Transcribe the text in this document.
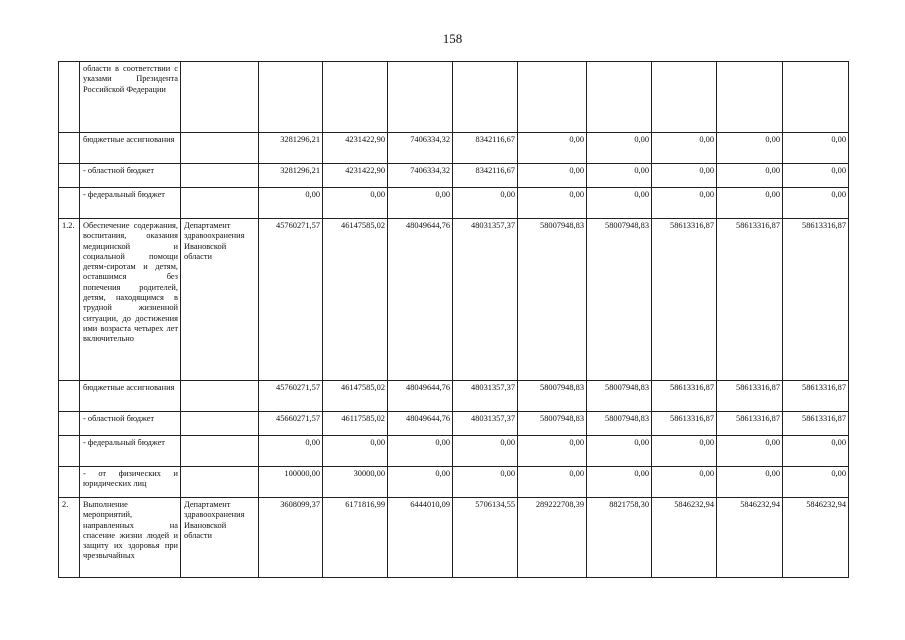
158
	области в соответствии с указами Президента Российской Федерации										
	бюджетные ассигнования		3281296,21	4231422,90	7406334,32	8342116,67	0,00	0,00	0,00	0,00	0,00
	- областной бюджет		3281296,21	4231422,90	7406334,32	8342116,67	0,00	0,00	0,00	0,00	0,00
	- федеральный бюджет		0,00	0,00	0,00	0,00	0,00	0,00	0,00	0,00	0,00
1.2.	Обеспечение содержания, воспитания, оказания медицинской и социальной помощи детям-сиротам и детям, оставшимся без попечения родителей, детям, находящимся в трудной жизненной ситуации, до достижения ими возраста четырех лет включительно	Департамент здравоохранения Ивановской области	45760271,57	46147585,02	48049644,76	48031357,37	58007948,83	58007948,83	58613316,87	58613316,87	58613316,87
	бюджетные ассигнования		45760271,57	46147585,02	48049644,76	48031357,37	58007948,83	58007948,83	58613316,87	58613316,87	58613316,87
	- областной бюджет		45660271,57	46117585,02	48049644,76	48031357,37	58007948,83	58007948,83	58613316,87	58613316,87	58613316,87
	- федеральный бюджет		0,00	0,00	0,00	0,00	0,00	0,00	0,00	0,00	0,00
	- от физических и юридических лиц		100000,00	30000,00	0,00	0,00	0,00	0,00	0,00	0,00	0,00
2.	Выполнение мероприятий, направленных на спасение жизни людей и защиту их здоровья при чрезвычайных	Департамент здравоохранения Ивановской области	3608099,37	6171816,99	6444010,09	5706134,55	289222708,39	8821758,30	5846232,94	5846232,94	5846232,94
